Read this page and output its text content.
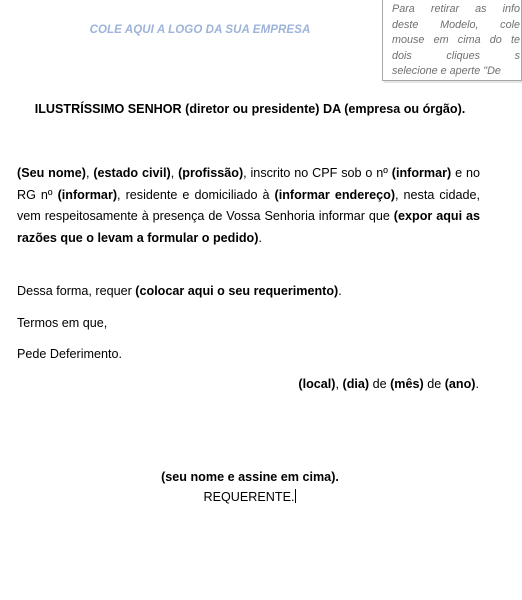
COLE AQUI A LOGO DA SUA EMPRESA
Para retirar as info
deste Modelo, cole
mouse em cima do te
dois cliques s
selecione e aperte "De
ILUSTRÍSSIMO SENHOR (diretor ou presidente) DA (empresa ou órgão).
(Seu nome), (estado civil), (profissão), inscrito no CPF sob o nº (informar) e no RG nº (informar), residente e domiciliado à (informar endereço), nesta cidade, vem respeitosamente à presença de Vossa Senhoria informar que (expor aqui as razões que o levam a formular o pedido).
Dessa forma, requer (colocar aqui o seu requerimento).
Termos em que,
Pede Deferimento.
(local), (dia) de (mês) de (ano).
(seu nome e assine em cima).
REQUERENTE.
